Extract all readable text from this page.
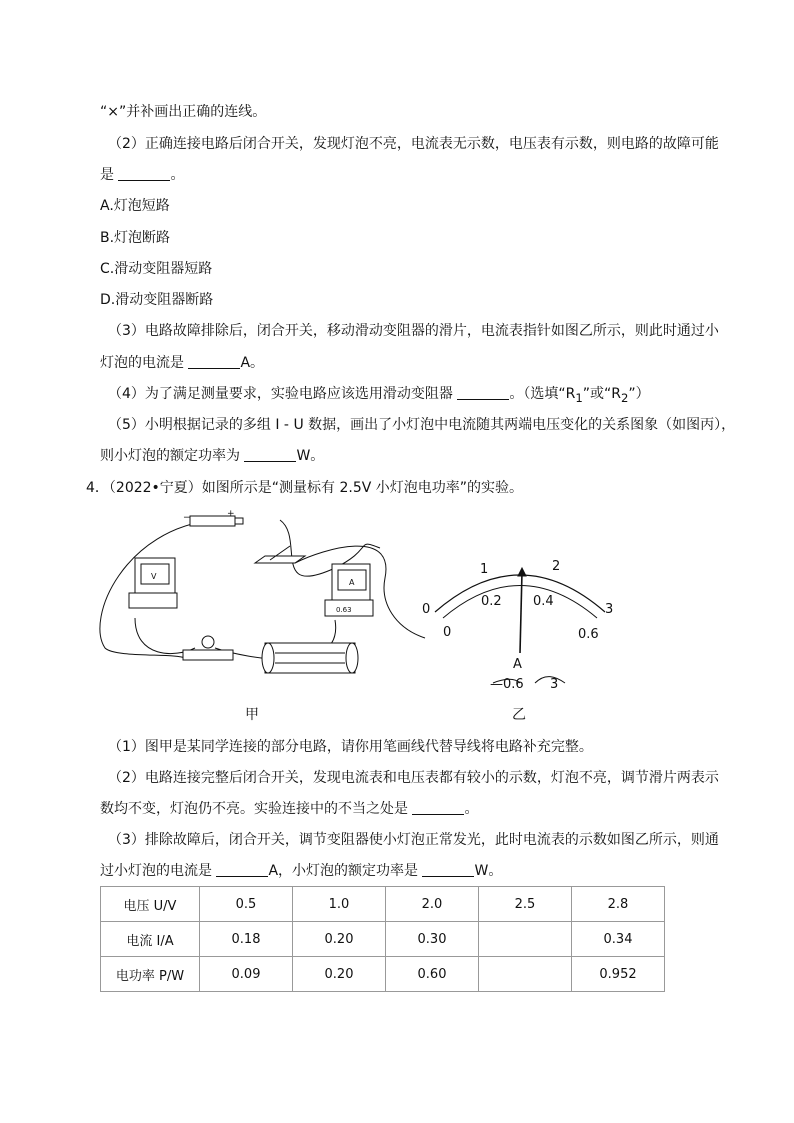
“×”并补画出正确的连线。
（2）正确连接电路后闭合开关，发现灯泡不亮，电流表无示数，电压表有示数，则电路的故障可能
是	。
A.灯泡短路
B.灯泡断路
C.滑动变阻器短路
D.滑动变阻器断路
（3）电路故障排除后，闭合开关，移动滑动变阻器的滑片，电流表指针如图乙所示，则此时通过小
灯泡的电流是	A。
（4）为了满足测量要求，实验电路应该选用滑动变阻器	。（选填“$R_1$”或“$R_2$”）
（5）小明根据记录的多组 I - U 数据，画出了小灯泡中电流随其两端电压变化的关系图象（如图丙），
则小灯泡的额定功率为	W。
4．（2022•宁夏）如图所示是“测量标有 2.5V 小灯泡电功率”的实验。
−	+
V
A
0.63	0
1	2
3
0
0.2 0.4
0.6
A
— 0.6 3
甲	乙
（1）图甲是某同学连接的部分电路，请你用笔画线代替导线将电路补充完整。
（2）电路连接完整后闭合开关，发现电流表和电压表都有较小的示数，灯泡不亮，调节滑片两表示
数均不变，灯泡仍不亮。实验连接中的不当之处是	。
（3）排除故障后，闭合开关，调节变阻器使小灯泡正常发光，此时电流表的示数如图乙所示，则通
过小灯泡的电流是	A，小灯泡的额定功率是	W。
电压 U/V	0.5	1.0	2.0	2.5	2.8
电流 I/A	0.18	0.20	0.30		0.34
电功率 P/W	0.09	0.20	0.60		0.952
